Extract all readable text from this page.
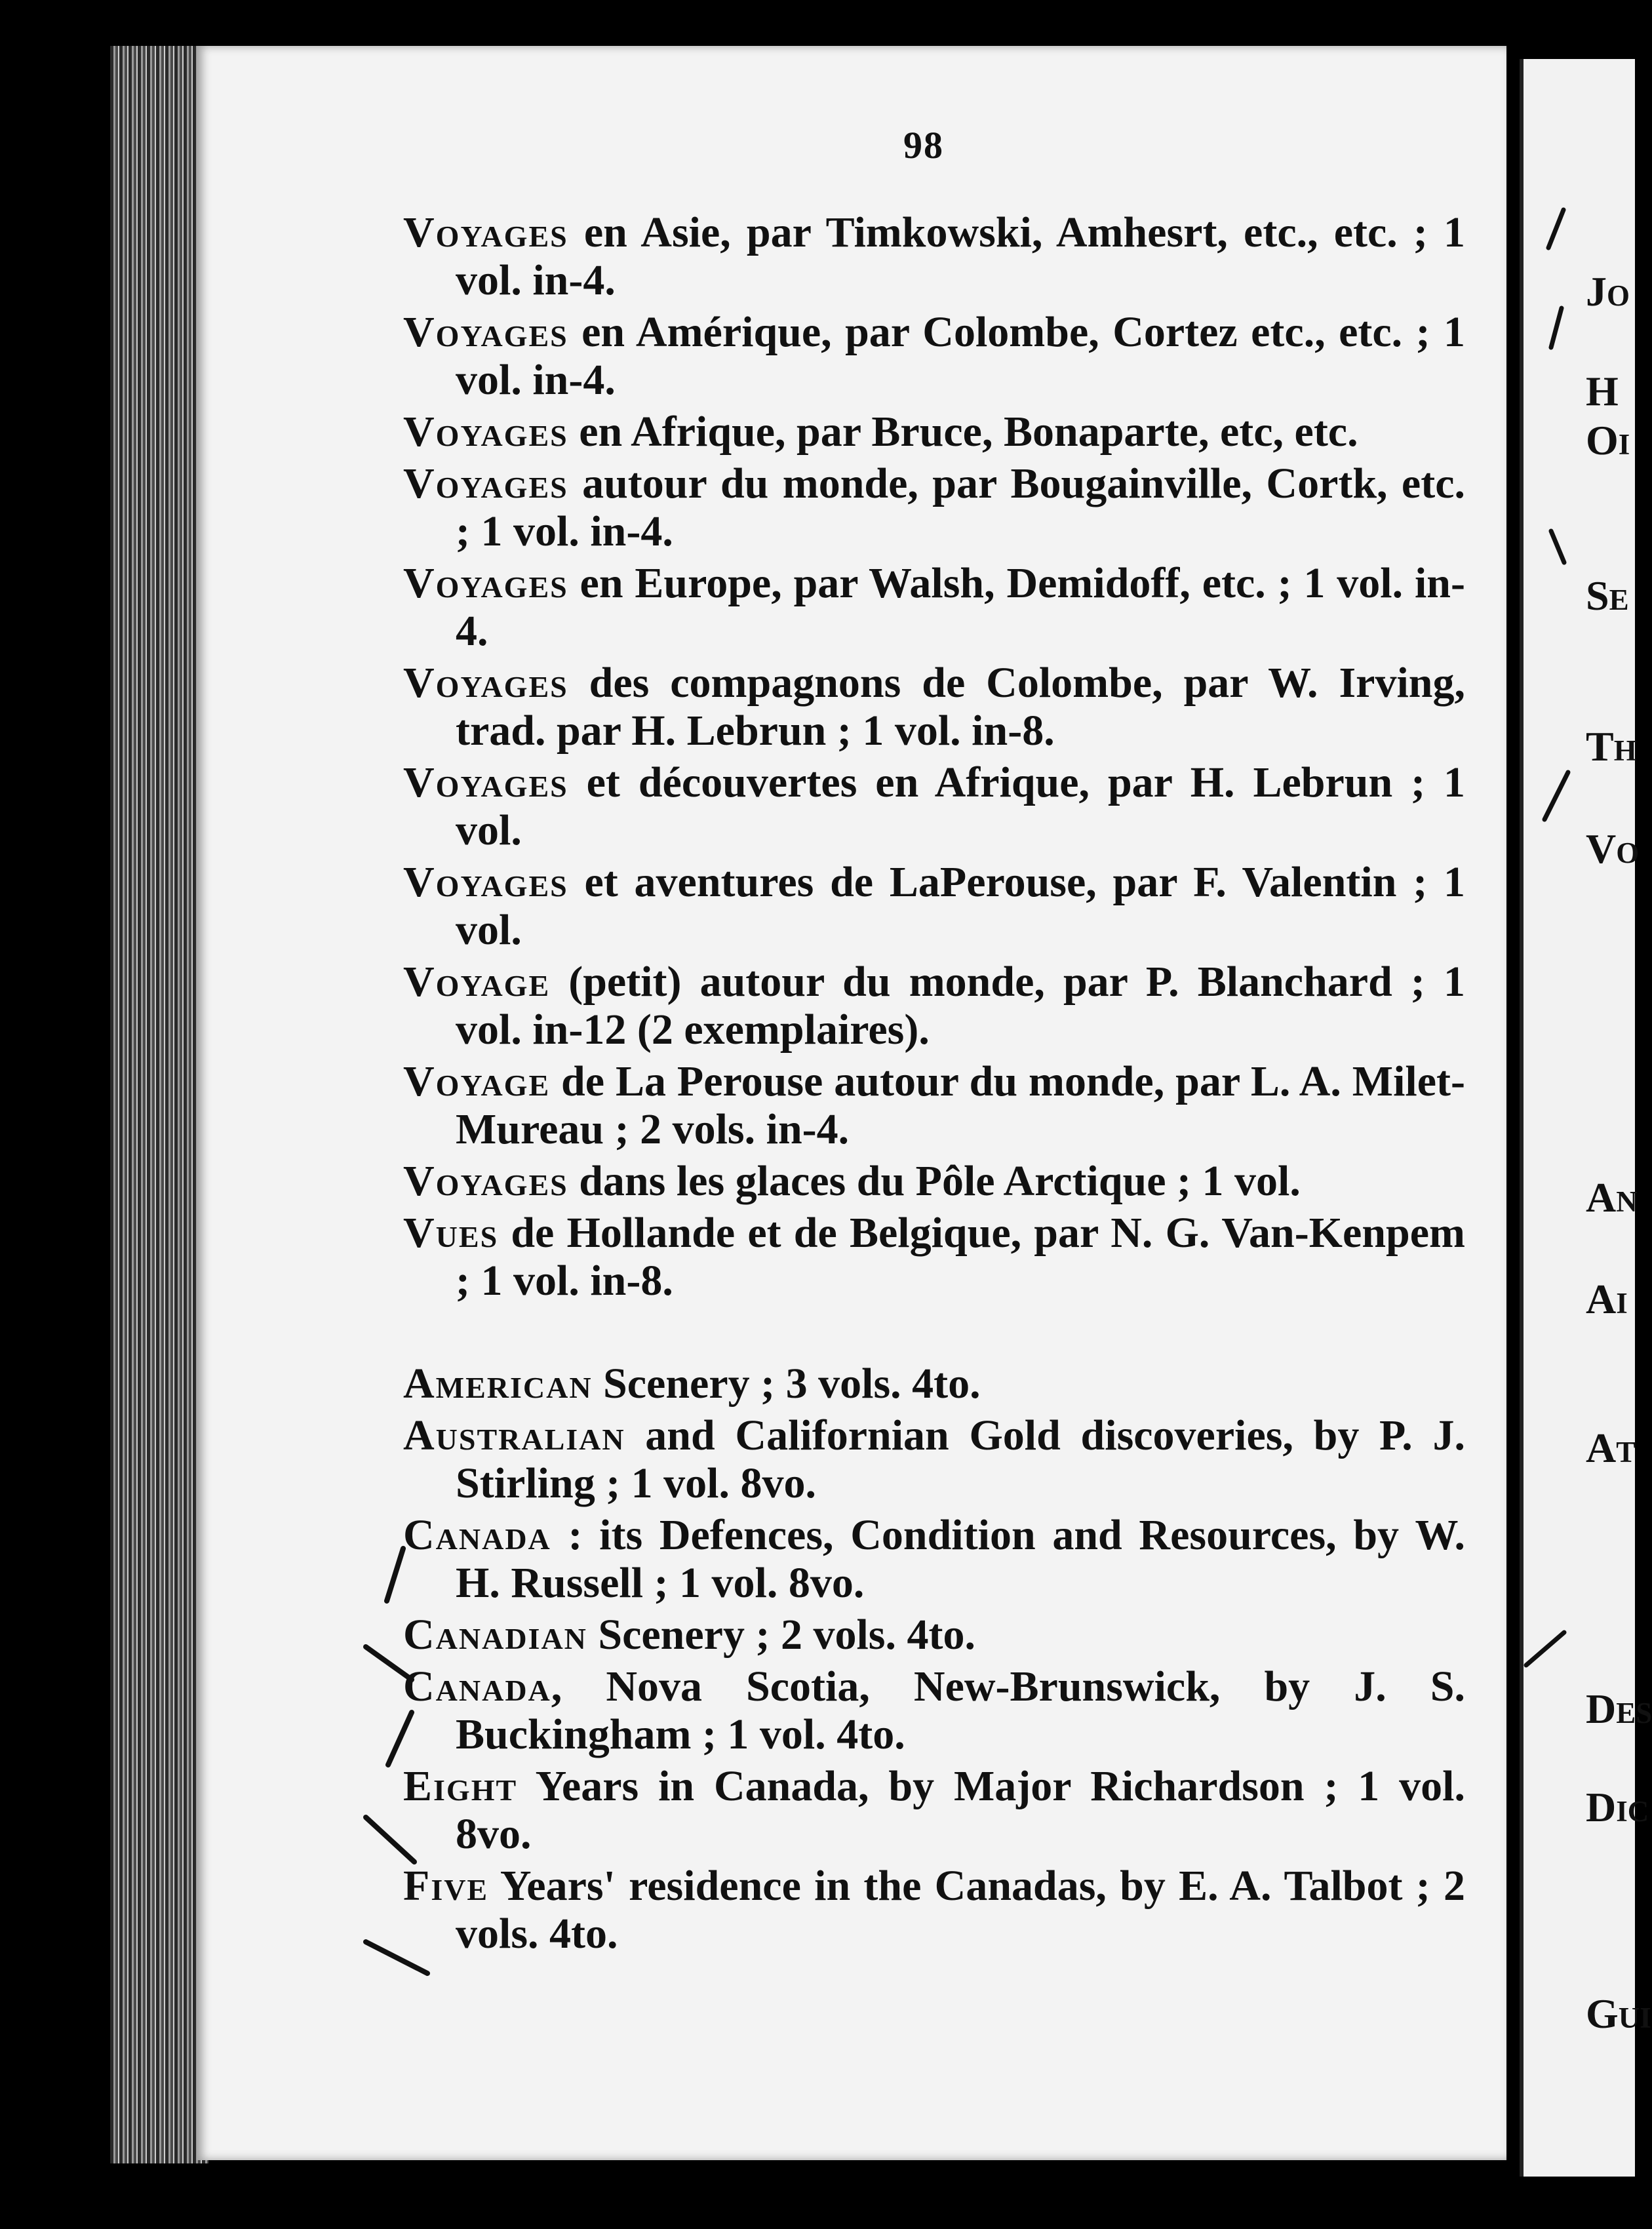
98

Voyages en Asie, par Timkowski, Amhesrt, etc., etc. ; 1 vol. in-4.

Voyages en Amérique, par Colombe, Cortez etc., etc. ; 1 vol. in-4.

Voyages en Afrique, par Bruce, Bonaparte, etc, etc.

Voyages autour du monde, par Bougainville, Cortk, etc. ; 1 vol. in-4.

Voyages en Europe, par Walsh, Demidoff, etc. ; 1 vol. in-4.

Voyages des compagnons de Colombe, par W. Irving, trad. par H. Lebrun ; 1 vol. in-8.

Voyages et découvertes en Afrique, par H. Lebrun ; 1 vol.

Voyages et aventures de LaPerouse, par F. Valentin ; 1 vol.

Voyage (petit) autour du monde, par P. Blanchard ; 1 vol. in-12 (2 exemplaires).

Voyage de La Perouse autour du monde, par L. A. Milet-Mureau ; 2 vols. in-4.

Voyages dans les glaces du Pôle Arctique ; 1 vol.

Vues de Hollande et de Belgique, par N. G. Van-Kenpem ; 1 vol. in-8.

American Scenery ; 3 vols. 4to.

Australian and Californian Gold discoveries, by P. J. Stirling ; 1 vol. 8vo.

Canada : its Defences, Condition and Resources, by W. H. Russell ; 1 vol. 8vo.

Canadian Scenery ; 2 vols. 4to.

Canada, Nova Scotia, New-Brunswick, by J. S. Buckingham ; 1 vol. 4to.

Eight Years in Canada, by Major Richardson ; 1 vol. 8vo.

Five Years' residence in the Canadas, by E. A. Talbot ; 2 vols. 4to.

Jo
H
Oi
Se
Th
Vo
An
Ai
At
Des
Dic
Gui
